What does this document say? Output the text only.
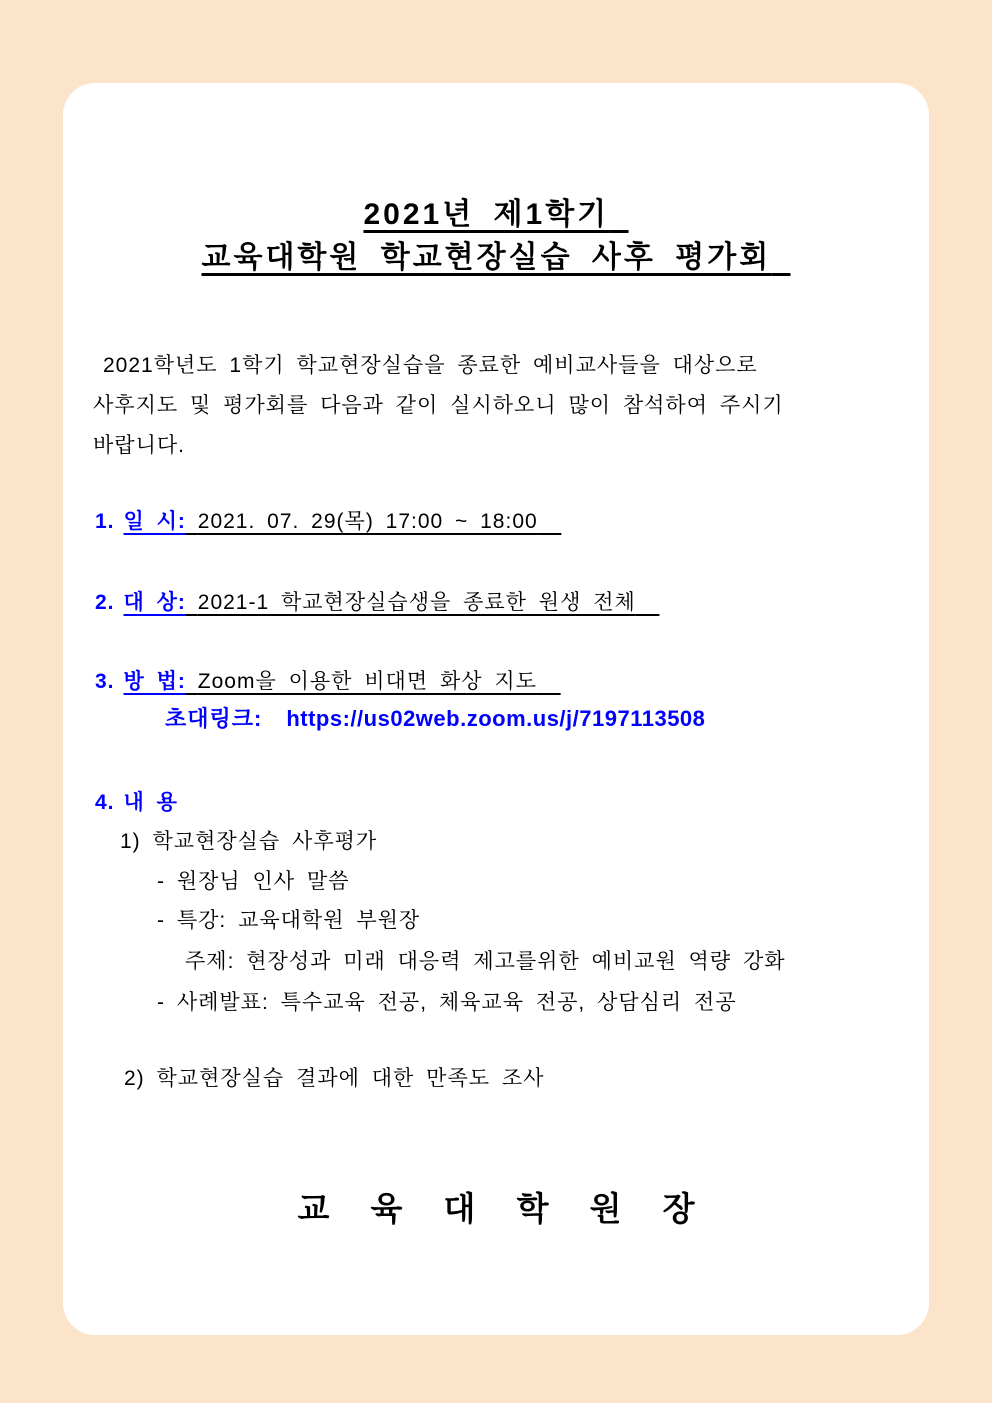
2021년 제1학기
교육대학원 학교현장실습 사후 평가회
2021학년도 1학기 학교현장실습을 종료한 예비교사들을 대상으로
사후지도 및 평가회를 다음과 같이 실시하오니 많이 참석하여 주시기
바랍니다.
1. 일 시: 2021. 07. 29(목) 17:00 ~ 18:00
2. 대 상: 2021-1 학교현장실습생을 종료한 원생 전체
3. 방 법: Zoom을 이용한 비대면 화상 지도
초대링크: https://us02web.zoom.us/j/7197113508
4. 내 용
1) 학교현장실습 사후평가
- 원장님 인사 말씀
- 특강: 교육대학원 부원장
주제: 현장성과 미래 대응력 제고를위한 예비교원 역량 강화
- 사례발표: 특수교육 전공, 체육교육 전공, 상담심리 전공
2) 학교현장실습 결과에 대한 만족도 조사
교 육 대 학 원 장
